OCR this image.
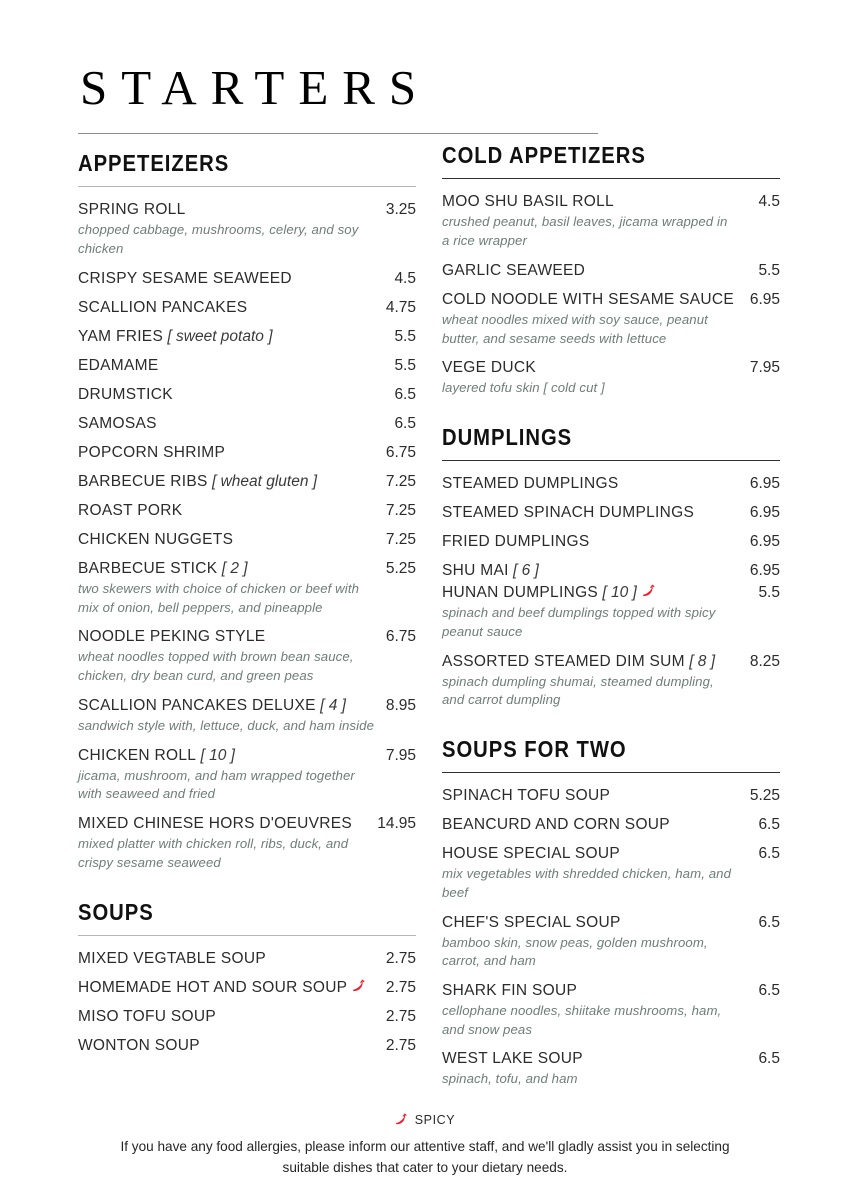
STARTERS
APPETEIZERS
SPRING ROLL	3.25
chopped cabbage, mushrooms, celery, and soy chicken
CRISPY SESAME SEAWEED	4.5
SCALLION PANCAKES	4.75
YAM FRIES [ sweet potato ]	5.5
EDAMAME	5.5
DRUMSTICK	6.5
SAMOSAS	6.5
POPCORN SHRIMP	6.75
BARBECUE RIBS [ wheat gluten ]	7.25
ROAST PORK	7.25
CHICKEN NUGGETS	7.25
BARBECUE STICK [ 2 ]	5.25
two skewers with choice of chicken or beef with mix of onion, bell peppers, and pineapple
NOODLE PEKING STYLE	6.75
wheat noodles topped with brown bean sauce, chicken, dry bean curd, and green peas
SCALLION PANCAKES DELUXE [ 4 ]	8.95
sandwich style with, lettuce, duck, and ham inside
CHICKEN ROLL [ 10 ]	7.95
jicama, mushroom, and ham wrapped together with seaweed and fried
MIXED CHINESE HORS D'OEUVRES 14.95
mixed platter with chicken roll, ribs, duck, and crispy sesame seaweed
SOUPS
MIXED VEGTABLE SOUP	2.75
HOMEMADE HOT AND SOUR SOUP	2.75
MISO TOFU SOUP	2.75
WONTON SOUP	2.75
COLD APPETIZERS
MOO SHU BASIL ROLL	4.5
crushed peanut, basil leaves, jicama wrapped in a rice wrapper
GARLIC SEAWEED	5.5
COLD NOODLE WITH SESAME SAUCE 6.95
wheat noodles mixed with soy sauce, peanut butter, and sesame seeds with lettuce
VEGE DUCK	7.95
layered tofu skin [ cold cut ]
DUMPLINGS
STEAMED DUMPLINGS	6.95
STEAMED SPINACH DUMPLINGS	6.95
FRIED DUMPLINGS	6.95
SHU MAI [ 6 ]	6.95
HUNAN DUMPLINGS [ 10 ]	5.5
spinach and beef dumplings topped with spicy peanut sauce
ASSORTED STEAMED DIM SUM [ 8 ] 8.25
spinach dumpling shumai, steamed dumpling, and carrot dumpling
SOUPS FOR TWO
SPINACH TOFU SOUP	5.25
BEANCURD AND CORN SOUP	6.5
HOUSE SPECIAL SOUP	6.5
mix vegetables with shredded chicken, ham, and beef
CHEF'S SPECIAL SOUP	6.5
bamboo skin, snow peas, golden mushroom, carrot, and ham
SHARK FIN SOUP	6.5
cellophane noodles, shiitake mushrooms, ham, and snow peas
WEST LAKE SOUP	6.5
spinach, tofu, and ham
SPICY
If you have any food allergies, please inform our attentive staff, and we'll gladly assist you in selecting suitable dishes that cater to your dietary needs.
